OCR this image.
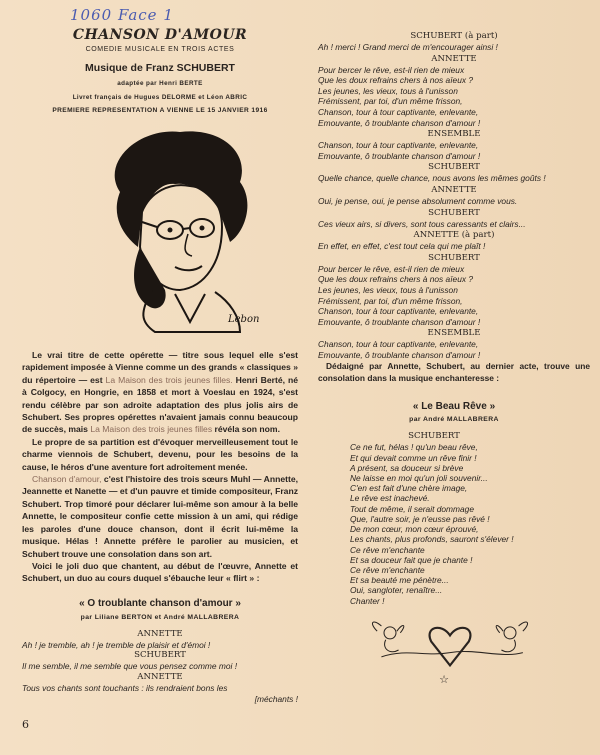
1060 Face 1
CHANSON D'AMOUR
COMEDIE MUSICALE EN TROIS ACTES
Musique de Franz SCHUBERT
adaptée par Henri BERTE
Livret français de Hugues DELORME et Léon ABRIC
PREMIERE REPRESENTATION A VIENNE LE 15 JANVIER 1916
Lebon

Le vrai titre de cette opérette — titre sous lequel elle s'est rapidement imposée à Vienne comme un des grands « classiques » du répertoire — est La Maison des trois jeunes filles. Henri Berté, né à Colgocy, en Hongrie, en 1858 et mort à Voeslau en 1924, s'est rendu célèbre par son adroite adaptation des plus jolis airs de Schubert. Ses propres opérettes n'avaient jamais connu beaucoup de succès, mais La Maison des trois jeunes filles révéla son nom.

Le propre de sa partition est d'évoquer merveilleusement tout le charme viennois de Schubert, devenu, pour les besoins de la cause, le héros d'une aventure fort adroitement menée.

Chanson d'amour, c'est l'histoire des trois sœurs Muhl — Annette, Jeannette et Nanette — et d'un pauvre et timide compositeur, Franz Schubert. Trop timoré pour déclarer lui-même son amour à la belle Annette, le compositeur confie cette mission à un ami, qui rédige les paroles d'une douce chanson, dont il écrit lui-même la musique. Hélas ! Annette préfère le parolier au musicien, et Schubert trouve une consolation dans son art.

Voici le joli duo que chantent, au début de l'œuvre, Annette et Schubert, un duo au cours duquel s'ébauche leur « flirt » :

« O troublante chanson d'amour »
par Liliane BERTON et André MALLABRERA
ANNETTE
Ah ! je tremble, ah ! je tremble de plaisir et d'émoi !
SCHUBERT
Il me semble, il me semble que vous pensez comme moi !
ANNETTE
Tous vos chants sont touchants : ils rendraient bons les
[méchants !
6
SCHUBERT (à part)
Ah ! merci ! Grand merci de m'encourager ainsi !
ANNETTE
Pour bercer le rêve, est-il rien de mieux
Que les doux refrains chers à nos aïeux ?
Les jeunes, les vieux, tous à l'unisson
Frémissent, par toi, d'un même frisson,
Chanson, tour à tour captivante, enlevante,
Emouvante, ô troublante chanson d'amour !
ENSEMBLE
Chanson, tour à tour captivante, enlevante,
Emouvante, ô troublante chanson d'amour !
SCHUBERT
Quelle chance, quelle chance, nous avons les mêmes goûts !
ANNETTE
Oui, je pense, oui, je pense absolument comme vous.
SCHUBERT
Ces vieux airs, si divers, sont tous caressants et clairs...
ANNETTE (à part)
En effet, en effet, c'est tout cela qui me plaît !
SCHUBERT
Pour bercer le rêve, est-il rien de mieux
Que les doux refrains chers à nos aïeux ?
Les jeunes, les vieux, tous à l'unisson
Frémissent, par toi, d'un même frisson,
Chanson, tour à tour captivante, enlevante,
Emouvante, ô troublante chanson d'amour !
ENSEMBLE
Chanson, tour à tour captivante, enlevante,
Emouvante, ô troublante chanson d'amour !
Dédaigné par Annette, Schubert, au dernier acte, trouve une consolation dans la musique enchanteresse :
« Le Beau Rêve »
par André MALLABRERA
SCHUBERT
Ce ne fut, hélas ! qu'un beau rêve,
Et qui devait comme un rêve finir !
A présent, sa douceur si brève
Ne laisse en moi qu'un joli souvenir...
C'en est fait d'une chère image,
Le rêve est inachevé.
Tout de même, il serait dommage
Que, l'autre soir, je n'eusse pas rêvé !
De mon cœur, mon cœur éprouvé,
Les chants, plus profonds, sauront s'élever !
Ce rêve m'enchante
Et sa douceur fait que je chante !
Ce rêve m'enchante
Et sa beauté me pénètre...
Oui, sangloter, renaître...
Chanter !
☆
